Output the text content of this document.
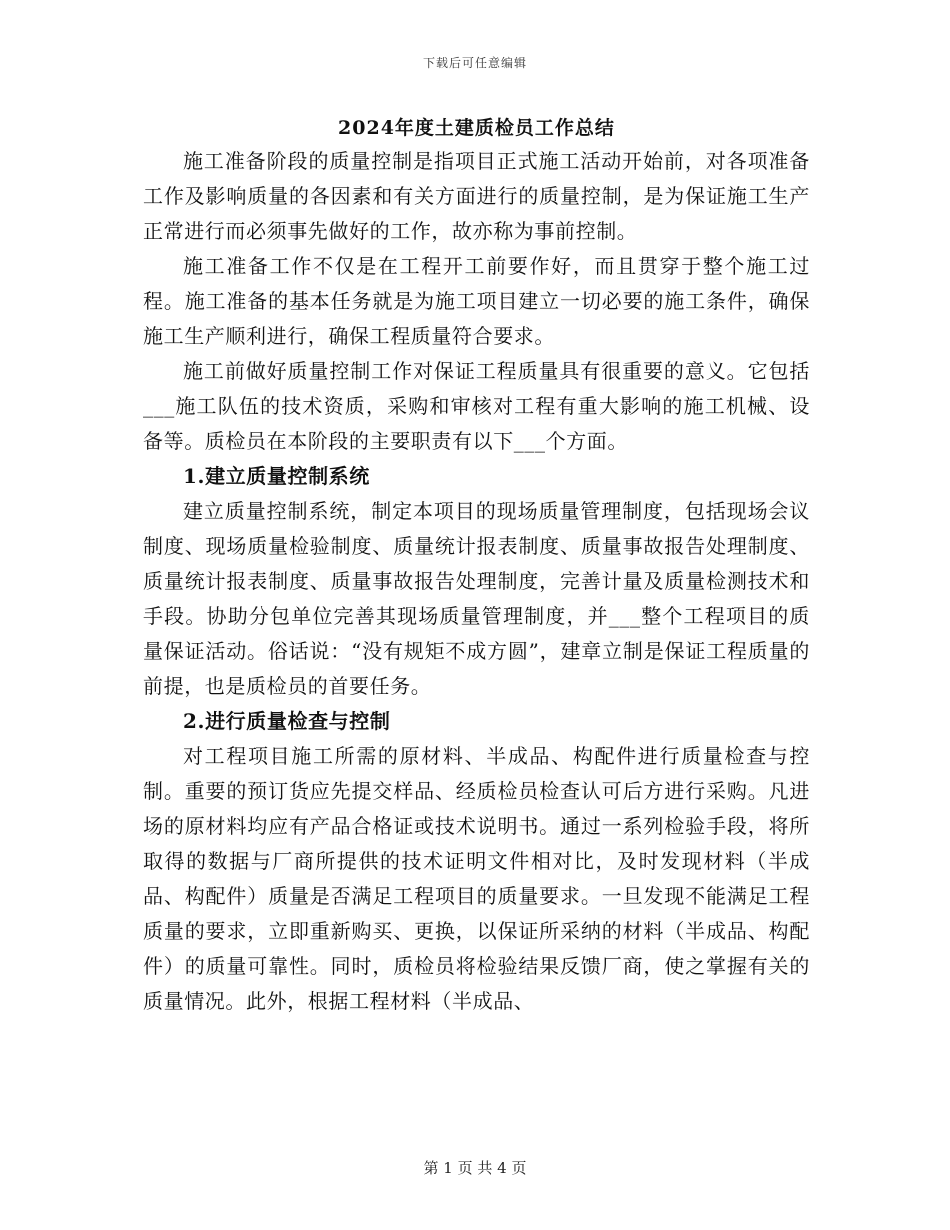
下载后可任意编辑
2024年度土建质检员工作总结

施工准备阶段的质量控制是指项目正式施工活动开始前，对各项准备工作及影响质量的各因素和有关方面进行的质量控制，是为保证施工生产正常进行而必须事先做好的工作，故亦称为事前控制。

施工准备工作不仅是在工程开工前要作好，而且贯穿于整个施工过程。施工准备的基本任务就是为施工项目建立一切必要的施工条件，确保施工生产顺利进行，确保工程质量符合要求。

施工前做好质量控制工作对保证工程质量具有很重要的意义。它包括___施工队伍的技术资质，采购和审核对工程有重大影响的施工机械、设备等。质检员在本阶段的主要职责有以下___个方面。

1.建立质量控制系统

建立质量控制系统，制定本项目的现场质量管理制度，包括现场会议制度、现场质量检验制度、质量统计报表制度、质量事故报告处理制度、质量统计报表制度、质量事故报告处理制度，完善计量及质量检测技术和手段。协助分包单位完善其现场质量管理制度，并___整个工程项目的质量保证活动。俗话说：“没有规矩不成方圆”，建章立制是保证工程质量的前提，也是质检员的首要任务。

2.进行质量检查与控制

对工程项目施工所需的原材料、半成品、构配件进行质量检查与控制。重要的预订货应先提交样品、经质检员检查认可后方进行采购。凡进场的原材料均应有产品合格证或技术说明书。通过一系列检验手段，将所取得的数据与厂商所提供的技术证明文件相对比，及时发现材料（半成品、构配件）质量是否满足工程项目的质量要求。一旦发现不能满足工程质量的要求，立即重新购买、更换，以保证所采纳的材料（半成品、构配件）的质量可靠性。同时，质检员将检验结果反馈厂商，使之掌握有关的质量情况。此外，根据工程材料（半成品、

第 1 页 共 4 页
